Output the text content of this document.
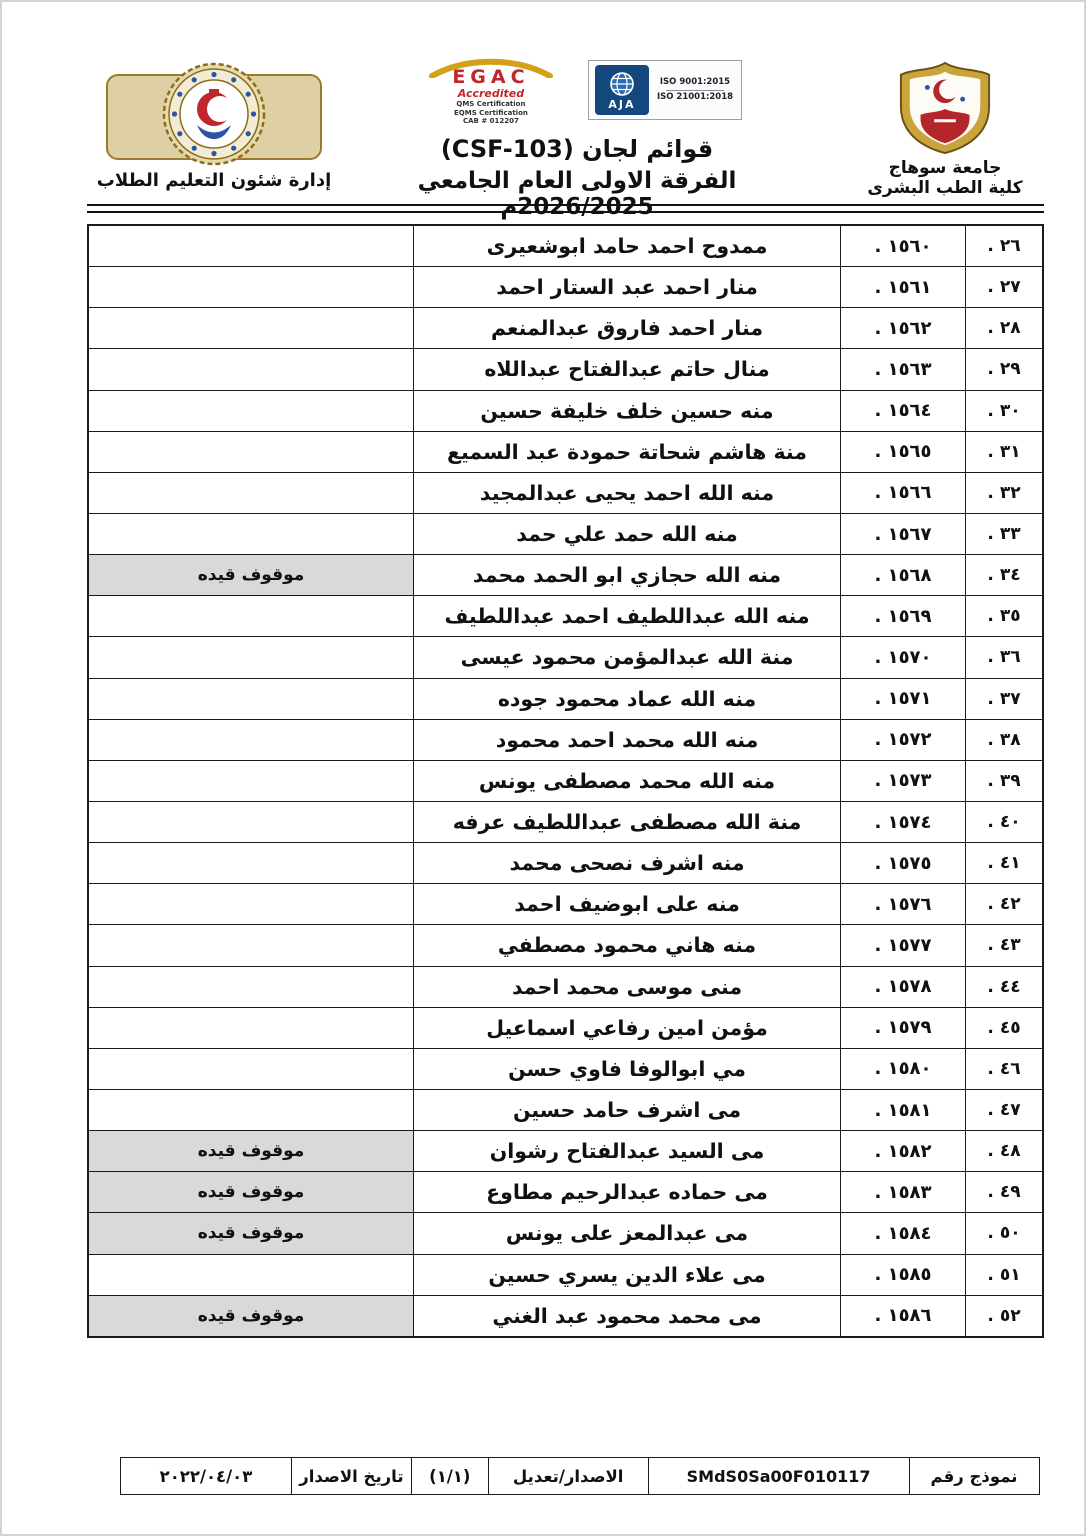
إدارة شئون التعليم الطلاب
EGAC
Accredited
QMS Certification
EQMS Certification
CAB # 012207
AJA
ISO 9001:2015
ISO 21001:2018
قوائم لجان (CSF-103)
الفرقة الاولى العام الجامعي 2026/2025م
جامعة سوهاج
كلية الطب البشرى
ممدوح احمد حامد ابوشعيرى	. ١٥٦٠	. ٢٦
منار احمد عبد الستار احمد	. ١٥٦١	. ٢٧
منار احمد فاروق عبدالمنعم	. ١٥٦٢	. ٢٨
منال حاتم عبدالفتاح عبداللاه	. ١٥٦٣	. ٢٩
منه حسين خلف خليفة حسين	. ١٥٦٤	. ٣٠
منة هاشم شحاتة حمودة عبد السميع	. ١٥٦٥	. ٣١
منه الله احمد يحيى عبدالمجيد	. ١٥٦٦	. ٣٢
منه الله حمد علي حمد	. ١٥٦٧	. ٣٣
موقوف قيده	منه الله حجازي ابو الحمد محمد	. ١٥٦٨	. ٣٤
منه الله عبداللطيف احمد عبداللطيف	. ١٥٦٩	. ٣٥
منة الله عبدالمؤمن محمود عيسى	. ١٥٧٠	. ٣٦
منه الله عماد محمود جوده	. ١٥٧١	. ٣٧
منه الله محمد احمد محمود	. ١٥٧٢	. ٣٨
منه الله محمد مصطفى يونس	. ١٥٧٣	. ٣٩
منة الله مصطفى عبداللطيف عرفه	. ١٥٧٤	. ٤٠
منه اشرف نصحى محمد	. ١٥٧٥	. ٤١
منه على ابوضيف احمد	. ١٥٧٦	. ٤٢
منه هاني محمود مصطفي	. ١٥٧٧	. ٤٣
منى موسى محمد احمد	. ١٥٧٨	. ٤٤
مؤمن امين رفاعي اسماعيل	. ١٥٧٩	. ٤٥
مي ابوالوفا فاوي حسن	. ١٥٨٠	. ٤٦
مى اشرف حامد حسين	. ١٥٨١	. ٤٧
موقوف قيده	مى السيد عبدالفتاح رشوان	. ١٥٨٢	. ٤٨
موقوف قيده	مى حماده عبدالرحيم مطاوع	. ١٥٨٣	. ٤٩
موقوف قيده	مى عبدالمعز على يونس	. ١٥٨٤	. ٥٠
مى علاء الدين يسري حسين	. ١٥٨٥	. ٥١
موقوف قيده	مى محمد محمود عبد الغني	. ١٥٨٦	. ٥٢
نموذج رقم
SMdS0Sa00F010117
الاصدار/تعديل
(١/١)
تاريخ الاصدار
٢٠٢٢/٠٤/٠٣
